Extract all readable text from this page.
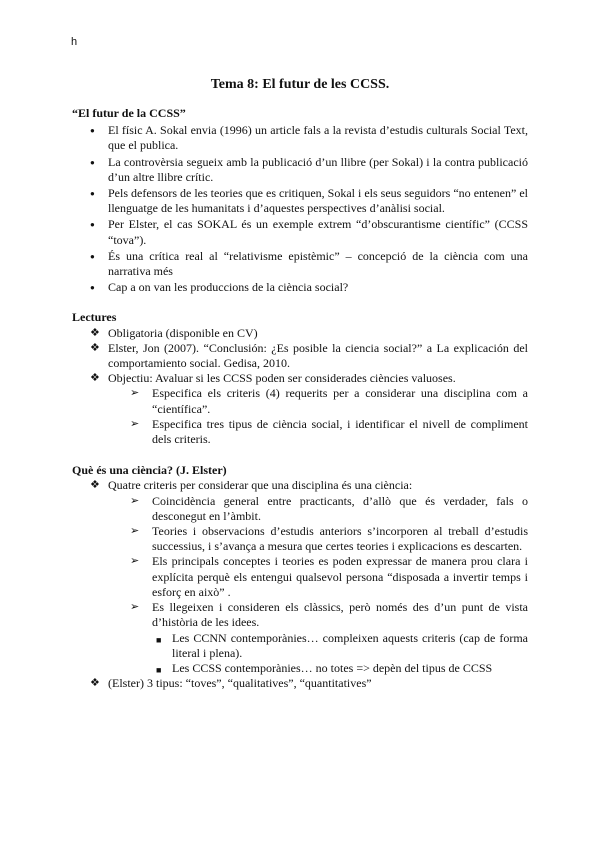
h
Tema 8: El futur de les CCSS.

“El futur de la CCSS”

●
El físic A. Sokal envia (1996) un article fals a la revista d’estudis culturals Social Text, que el publica.
●
La controvèrsia segueix amb la publicació d’un llibre (per Sokal) i la contra publicació d’un altre llibre crític.
●
Pels defensors de les teories que es critiquen, Sokal i els seus seguidors “no entenen” el llenguatge de les humanitats i d’aquestes perspectives d’anàlisi social.
●
Per Elster, el cas SOKAL és un exemple extrem “d’obscurantisme científic” (CCSS “tova”).
●
És una crítica real al “relativisme epistèmic” – concepció de la ciència com una narrativa més
●
Cap a on van les produccions de la ciència social?

Lectures

❖ Obligatoria (disponible en CV)
❖ Elster, Jon (2007). “Conclusión: ¿Es posible la ciencia social?” a La explicación del comportamiento social. Gedisa, 2010.
❖ Objectiu: Avaluar si les CCSS poden ser considerades ciències valuoses.
➢ Especifica els criteris (4) requerits per a considerar una disciplina com a “científica”.
➢ Especifica tres tipus de ciència social, i identificar el nivell de compliment dels criteris.

Què és una ciència? (J. Elster)

❖ Quatre criteris per considerar que una disciplina és una ciència:
➢ Coincidència general entre practicants, d’allò que és verdader, fals o desconegut en l’àmbit.
➢ Teories i observacions d’estudis anteriors s’incorporen al treball d’estudis successius, i s’avança a mesura que certes teories i explicacions es descarten.
➢ Els principals conceptes i teories es poden expressar de manera prou clara i explícita perquè els entengui qualsevol persona “disposada a invertir temps i esforç en això” .
➢ Es llegeixen i consideren els clàssics, però només des d’un punt de vista d’història de les idees.
■ Les CCNN contemporànies… compleixen aquests criteris (cap de forma literal i plena).
■ Les CCSS contemporànies… no totes => depèn del tipus de CCSS
❖ (Elster) 3 tipus: “toves”, “qualitatives”, “quantitatives”
